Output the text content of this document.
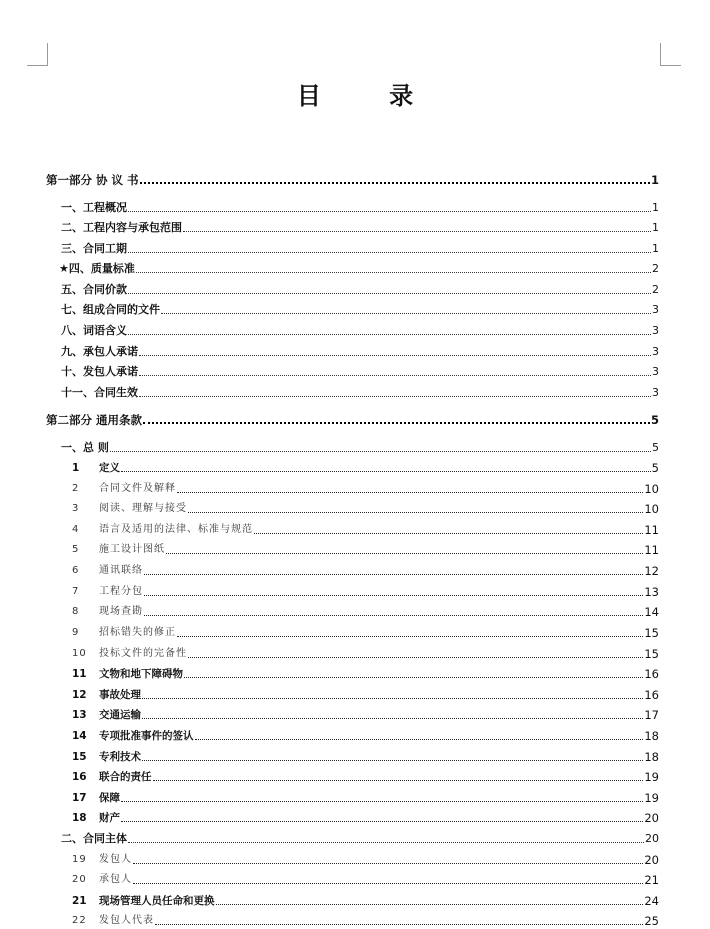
目 录
第一部分 协 议 书	1
一、工程概况	1
二、工程内容与承包范围	1
三、合同工期	1
★四、质量标准	2
五、合同价款	2
七、组成合同的文件	3
八、词语含义	3
九、承包人承诺	3
十、发包人承诺	3
十一、合同生效	3
第二部分 通用条款	5
一、总 则	5
1 定义	5
2 合同文件及解释	10
3 阅读、理解与接受	10
4 语言及适用的法律、标准与规范	11
5 施工设计图纸	11
6 通讯联络	12
7 工程分包	13
8 现场查勘	14
9 招标错失的修正	15
10 投标文件的完备性	15
11 文物和地下障碍物	16
12 事故处理	16
13 交通运输	17
14 专项批准事件的签认	18
15 专利技术	18
16 联合的责任	19
17 保障	19
18 财产	20
二、合同主体	20
19 发包人	20
20 承包人	21
21 现场管理人员任命和更换	24
22 发包人代表	25
